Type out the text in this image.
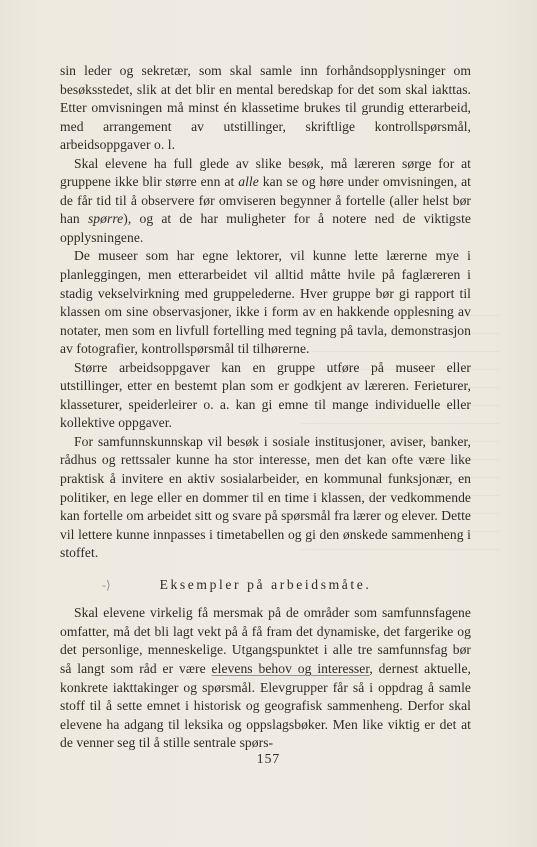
sin leder og sekretær, som skal samle inn forhåndsopplysninger om besøksstedet, slik at det blir en mental beredskap for det som skal iakttas. Etter omvisningen må minst én klassetime brukes til grundig etterarbeid, med arrangement av utstillinger, skriftlige kontrollspørsmål, arbeidsoppgaver o. l.

Skal elevene ha full glede av slike besøk, må læreren sørge for at gruppene ikke blir større enn at alle kan se og høre under omvisningen, at de får tid til å observere før omviseren begynner å fortelle (aller helst bør han spørre), og at de har muligheter for å notere ned de viktigste opplysningene.

De museer som har egne lektorer, vil kunne lette lærerne mye i planleggingen, men etterarbeidet vil alltid måtte hvile på faglæreren i stadig vekselvirkning med gruppelederne. Hver gruppe bør gi rapport til klassen om sine observasjoner, ikke i form av en hakkende opplesning av notater, men som en livfull fortelling med tegning på tavla, demonstrasjon av fotografier, kontrollspørsmål til tilhørerne.

Større arbeidsoppgaver kan en gruppe utføre på museer eller utstillinger, etter en bestemt plan som er godkjent av læreren. Ferieturer, klasseturer, speiderleirer o. a. kan gi emne til mange individuelle eller kollektive oppgaver.

For samfunnskunnskap vil besøk i sosiale institusjoner, aviser, banker, rådhus og rettssaler kunne ha stor interesse, men det kan ofte være like praktisk å invitere en aktiv sosialarbeider, en kommunal funksjonær, en politiker, en lege eller en dommer til en time i klassen, der vedkommende kan fortelle om arbeidet sitt og svare på spørsmål fra lærer og elever. Dette vil lettere kunne innpasses i timetabellen og gi den ønskede sammenheng i stoffet.

-⟩	Eksempler på arbeidsmåte.

Skal elevene virkelig få mersmak på de områder som samfunnsfagene omfatter, må det bli lagt vekt på å få fram det dynamiske, det fargerike og det personlige, menneskelige. Utgangspunktet i alle tre samfunnsfag bør så langt som råd er være elevens behov og interesser, dernest aktuelle, konkrete iakttakinger og spørsmål. Elevgrupper får så i oppdrag å samle stoff til å sette emnet i historisk og geografisk sammenheng. Derfor skal elevene ha adgang til leksika og oppslagsbøker. Men like viktig er det at de venner seg til å stille sentrale spørs-

157
